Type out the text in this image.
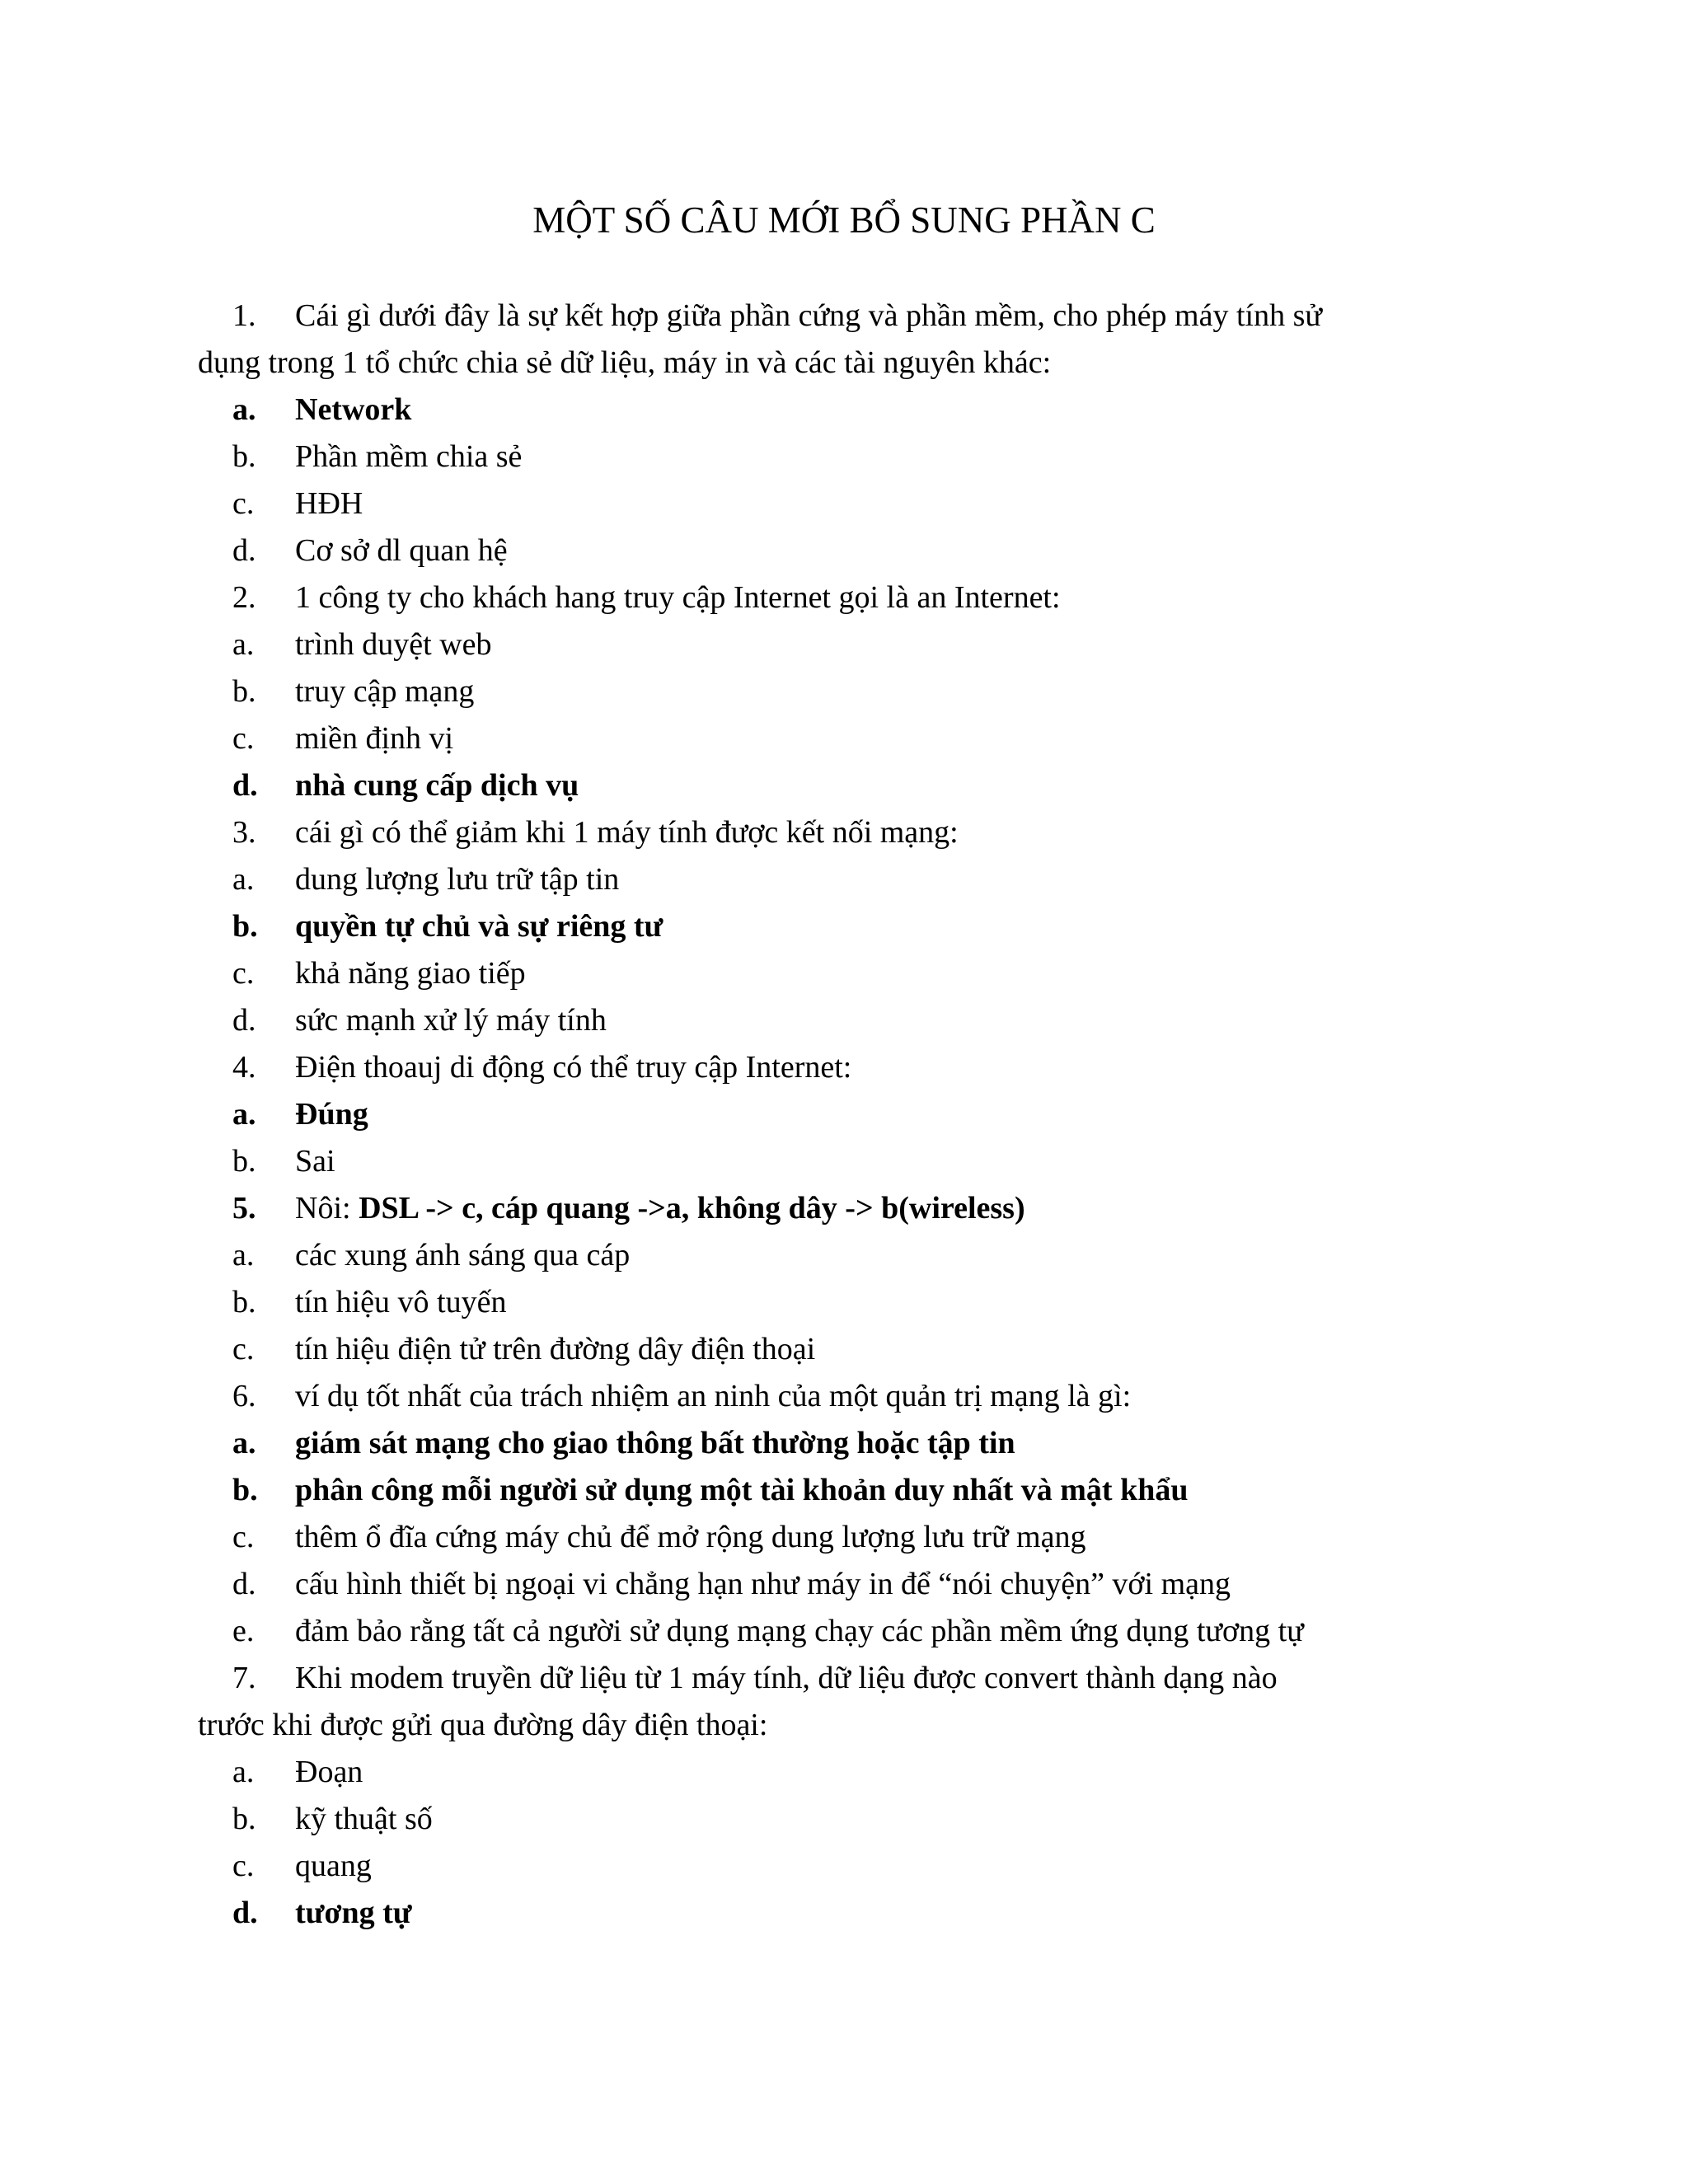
MỘT SỐ CÂU MỚI BỔ SUNG PHẦN C
1. Cái gì dưới đây là sự kết hợp giữa phần cứng và phần mềm, cho phép máy tính sử
dụng trong 1 tổ chức chia sẻ dữ liệu, máy in và các tài nguyên khác:
a. Network
b. Phần mềm chia sẻ
c. HĐH
d. Cơ sở dl quan hệ
2. 1 công ty cho khách hang truy cập Internet gọi là an Internet:
a. trình duyệt web
b. truy cập mạng
c. miền định vị
d. nhà cung cấp dịch vụ
3. cái gì có thể giảm khi 1 máy tính được kết nối mạng:
a. dung lượng lưu trữ tập tin
b. quyền tự chủ và sự riêng tư
c. khả năng giao tiếp
d. sức mạnh xử lý máy tính
4. Điện thoauj di động có thể truy cập Internet:
a. Đúng
b. Sai
5. Nôi: DSL -> c, cáp quang ->a, không dây -> b(wireless)
a. các xung ánh sáng qua cáp
b. tín hiệu vô tuyến
c. tín hiệu điện tử trên đường dây điện thoại
6. ví dụ tốt nhất của trách nhiệm an ninh của một quản trị mạng là gì:
a. giám sát mạng cho giao thông bất thường hoặc tập tin
b. phân công mỗi người sử dụng một tài khoản duy nhất và mật khẩu
c. thêm ổ đĩa cứng máy chủ để mở rộng dung lượng lưu trữ mạng
d. cấu hình thiết bị ngoại vi chẳng hạn như máy in để “nói chuyện” với mạng
e. đảm bảo rằng tất cả người sử dụng mạng chạy các phần mềm ứng dụng tương tự
7. Khi modem truyền dữ liệu từ 1 máy tính, dữ liệu được convert thành dạng nào
trước khi được gửi qua đường dây điện thoại:
a. Đoạn
b. kỹ thuật số
c. quang
d. tương tự
